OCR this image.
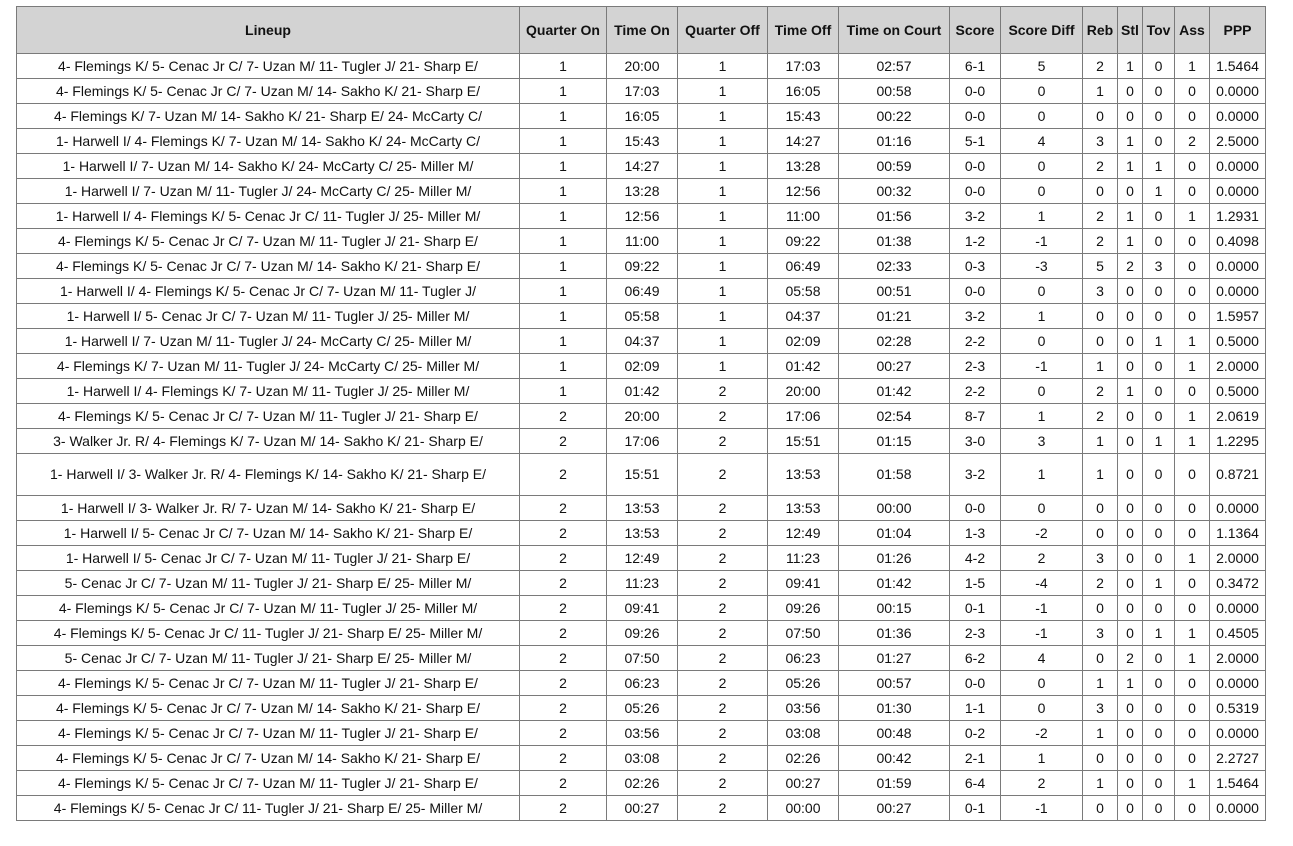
Lineup	Quarter On	Time On	Quarter Off	Time Off	Time on Court	Score	Score Diff	Reb	Stl	Tov	Ass	PPP
4- Flemings K/ 5- Cenac Jr C/ 7- Uzan M/ 11- Tugler J/ 21- Sharp E/	1	20:00	1	17:03	02:57	6-1	5	2	1	0	1	1.5464
4- Flemings K/ 5- Cenac Jr C/ 7- Uzan M/ 14- Sakho K/ 21- Sharp E/	1	17:03	1	16:05	00:58	0-0	0	1	0	0	0	0.0000
4- Flemings K/ 7- Uzan M/ 14- Sakho K/ 21- Sharp E/ 24- McCarty C/	1	16:05	1	15:43	00:22	0-0	0	0	0	0	0	0.0000
1- Harwell I/ 4- Flemings K/ 7- Uzan M/ 14- Sakho K/ 24- McCarty C/	1	15:43	1	14:27	01:16	5-1	4	3	1	0	2	2.5000
1- Harwell I/ 7- Uzan M/ 14- Sakho K/ 24- McCarty C/ 25- Miller M/	1	14:27	1	13:28	00:59	0-0	0	2	1	1	0	0.0000
1- Harwell I/ 7- Uzan M/ 11- Tugler J/ 24- McCarty C/ 25- Miller M/	1	13:28	1	12:56	00:32	0-0	0	0	0	1	0	0.0000
1- Harwell I/ 4- Flemings K/ 5- Cenac Jr C/ 11- Tugler J/ 25- Miller M/	1	12:56	1	11:00	01:56	3-2	1	2	1	0	1	1.2931
4- Flemings K/ 5- Cenac Jr C/ 7- Uzan M/ 11- Tugler J/ 21- Sharp E/	1	11:00	1	09:22	01:38	1-2	-1	2	1	0	0	0.4098
4- Flemings K/ 5- Cenac Jr C/ 7- Uzan M/ 14- Sakho K/ 21- Sharp E/	1	09:22	1	06:49	02:33	0-3	-3	5	2	3	0	0.0000
1- Harwell I/ 4- Flemings K/ 5- Cenac Jr C/ 7- Uzan M/ 11- Tugler J/	1	06:49	1	05:58	00:51	0-0	0	3	0	0	0	0.0000
1- Harwell I/ 5- Cenac Jr C/ 7- Uzan M/ 11- Tugler J/ 25- Miller M/	1	05:58	1	04:37	01:21	3-2	1	0	0	0	0	1.5957
1- Harwell I/ 7- Uzan M/ 11- Tugler J/ 24- McCarty C/ 25- Miller M/	1	04:37	1	02:09	02:28	2-2	0	0	0	1	1	0.5000
4- Flemings K/ 7- Uzan M/ 11- Tugler J/ 24- McCarty C/ 25- Miller M/	1	02:09	1	01:42	00:27	2-3	-1	1	0	0	1	2.0000
1- Harwell I/ 4- Flemings K/ 7- Uzan M/ 11- Tugler J/ 25- Miller M/	1	01:42	2	20:00	01:42	2-2	0	2	1	0	0	0.5000
4- Flemings K/ 5- Cenac Jr C/ 7- Uzan M/ 11- Tugler J/ 21- Sharp E/	2	20:00	2	17:06	02:54	8-7	1	2	0	0	1	2.0619
3- Walker Jr. R/ 4- Flemings K/ 7- Uzan M/ 14- Sakho K/ 21- Sharp E/	2	17:06	2	15:51	01:15	3-0	3	1	0	1	1	1.2295
1- Harwell I/ 3- Walker Jr. R/ 4- Flemings K/ 14- Sakho K/ 21- Sharp E/	2	15:51	2	13:53	01:58	3-2	1	1	0	0	0	0.8721
1- Harwell I/ 3- Walker Jr. R/ 7- Uzan M/ 14- Sakho K/ 21- Sharp E/	2	13:53	2	13:53	00:00	0-0	0	0	0	0	0	0.0000
1- Harwell I/ 5- Cenac Jr C/ 7- Uzan M/ 14- Sakho K/ 21- Sharp E/	2	13:53	2	12:49	01:04	1-3	-2	0	0	0	0	1.1364
1- Harwell I/ 5- Cenac Jr C/ 7- Uzan M/ 11- Tugler J/ 21- Sharp E/	2	12:49	2	11:23	01:26	4-2	2	3	0	0	1	2.0000
5- Cenac Jr C/ 7- Uzan M/ 11- Tugler J/ 21- Sharp E/ 25- Miller M/	2	11:23	2	09:41	01:42	1-5	-4	2	0	1	0	0.3472
4- Flemings K/ 5- Cenac Jr C/ 7- Uzan M/ 11- Tugler J/ 25- Miller M/	2	09:41	2	09:26	00:15	0-1	-1	0	0	0	0	0.0000
4- Flemings K/ 5- Cenac Jr C/ 11- Tugler J/ 21- Sharp E/ 25- Miller M/	2	09:26	2	07:50	01:36	2-3	-1	3	0	1	1	0.4505
5- Cenac Jr C/ 7- Uzan M/ 11- Tugler J/ 21- Sharp E/ 25- Miller M/	2	07:50	2	06:23	01:27	6-2	4	0	2	0	1	2.0000
4- Flemings K/ 5- Cenac Jr C/ 7- Uzan M/ 11- Tugler J/ 21- Sharp E/	2	06:23	2	05:26	00:57	0-0	0	1	1	0	0	0.0000
4- Flemings K/ 5- Cenac Jr C/ 7- Uzan M/ 14- Sakho K/ 21- Sharp E/	2	05:26	2	03:56	01:30	1-1	0	3	0	0	0	0.5319
4- Flemings K/ 5- Cenac Jr C/ 7- Uzan M/ 11- Tugler J/ 21- Sharp E/	2	03:56	2	03:08	00:48	0-2	-2	1	0	0	0	0.0000
4- Flemings K/ 5- Cenac Jr C/ 7- Uzan M/ 14- Sakho K/ 21- Sharp E/	2	03:08	2	02:26	00:42	2-1	1	0	0	0	0	2.2727
4- Flemings K/ 5- Cenac Jr C/ 7- Uzan M/ 11- Tugler J/ 21- Sharp E/	2	02:26	2	00:27	01:59	6-4	2	1	0	0	1	1.5464
4- Flemings K/ 5- Cenac Jr C/ 11- Tugler J/ 21- Sharp E/ 25- Miller M/	2	00:27	2	00:00	00:27	0-1	-1	0	0	0	0	0.0000
